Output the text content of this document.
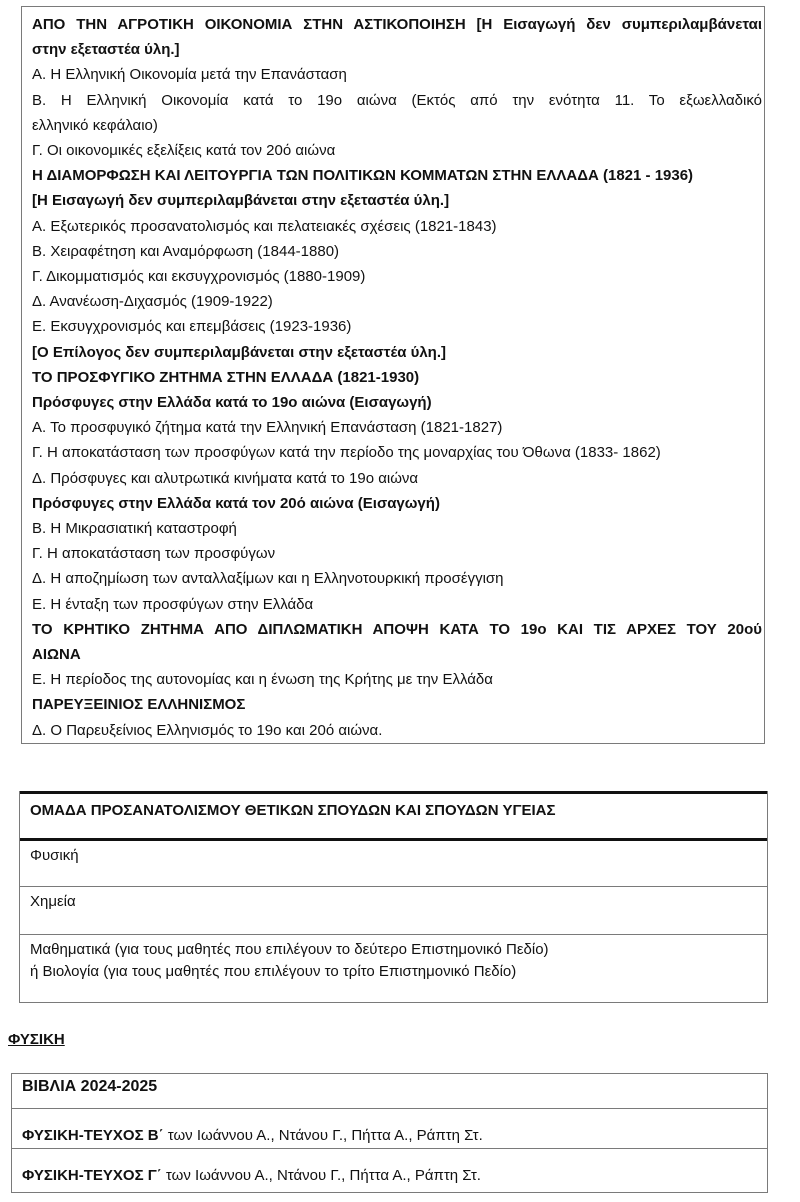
ΑΠΟ ΤΗΝ ΑΓΡΟΤΙΚΗ ΟΙΚΟΝΟΜΙΑ ΣΤΗΝ ΑΣΤΙΚΟΠΟΙΗΣΗ [Η Εισαγωγή δεν συμπεριλαμβάνεται
στην εξεταστέα ύλη.]
Α. Η Ελληνική Οικονομία μετά την Επανάσταση
Β. Η Ελληνική Οικονομία κατά το 19ο αιώνα (Εκτός από την ενότητα 11. Το εξωελλαδικό
ελληνικό κεφάλαιο)
Γ. Οι οικονομικές εξελίξεις κατά τον 20ό αιώνα
Η ΔΙΑΜΟΡΦΩΣΗ ΚΑΙ ΛΕΙΤΟΥΡΓΙΑ ΤΩΝ ΠΟΛΙΤΙΚΩΝ ΚΟΜΜΑΤΩΝ ΣΤΗΝ ΕΛΛΑΔΑ (1821 - 1936)
[Η Εισαγωγή δεν συμπεριλαμβάνεται στην εξεταστέα ύλη.]
Α. Εξωτερικός προσανατολισμός και πελατειακές σχέσεις (1821-1843)
Β. Χειραφέτηση και Αναμόρφωση (1844-1880)
Γ. Δικομματισμός και εκσυγχρονισμός (1880-1909)
Δ. Ανανέωση-Διχασμός (1909-1922)
Ε. Εκσυγχρονισμός και επεμβάσεις (1923-1936)
[Ο Επίλογος δεν συμπεριλαμβάνεται στην εξεταστέα ύλη.]
ΤΟ ΠΡΟΣΦΥΓΙΚΟ ΖΗΤΗΜΑ ΣΤΗΝ ΕΛΛΑΔΑ (1821-1930)
Πρόσφυγες στην Ελλάδα κατά το 19ο αιώνα (Εισαγωγή)
Α. Το προσφυγικό ζήτημα κατά την Ελληνική Επανάσταση (1821-1827)
Γ. Η αποκατάσταση των προσφύγων κατά την περίοδο της μοναρχίας του Όθωνα (1833- 1862)
Δ. Πρόσφυγες και αλυτρωτικά κινήματα κατά το 19ο αιώνα
Πρόσφυγες στην Ελλάδα κατά τον 20ό αιώνα (Εισαγωγή)
Β. Η Μικρασιατική καταστροφή
Γ. Η αποκατάσταση των προσφύγων
Δ. Η αποζημίωση των ανταλλαξίμων και η Ελληνοτουρκική προσέγγιση
Ε. Η ένταξη των προσφύγων στην Ελλάδα
ΤΟ ΚΡΗΤΙΚΟ ΖΗΤΗΜΑ ΑΠΟ ΔΙΠΛΩΜΑΤΙΚΗ ΑΠΟΨΗ ΚΑΤΑ ΤΟ 19ο ΚΑΙ ΤΙΣ ΑΡΧΕΣ ΤΟΥ 20ού
ΑΙΩΝΑ
Ε. Η περίοδος της αυτονομίας και η ένωση της Κρήτης με την Ελλάδα
ΠΑΡΕΥΞΕΙΝΙΟΣ ΕΛΛΗΝΙΣΜΟΣ
Δ. Ο Παρευξείνιος Ελληνισμός το 19ο και 20ό αιώνα.
ΟΜΑΔΑ ΠΡΟΣΑΝΑΤΟΛΙΣΜΟΥ ΘΕΤΙΚΩΝ ΣΠΟΥΔΩΝ ΚΑΙ ΣΠΟΥΔΩΝ ΥΓΕΙΑΣ
Φυσική
Χημεία
Μαθηματικά (για τους μαθητές που επιλέγουν το δεύτερο Επιστημονικό Πεδίο)
ή Βιολογία (για τους μαθητές που επιλέγουν το τρίτο Επιστημονικό Πεδίο)
ΦΥΣΙΚΗ
ΒΙΒΛΙΑ 2024-2025
ΦΥΣΙΚΗ-ΤΕΥΧΟΣ Β΄ των Ιωάννου Α., Ντάνου Γ., Πήττα Α., Ράπτη Στ.
ΦΥΣΙΚΗ-ΤΕΥΧΟΣ Γ΄ των Ιωάννου Α., Ντάνου Γ., Πήττα Α., Ράπτη Στ.
